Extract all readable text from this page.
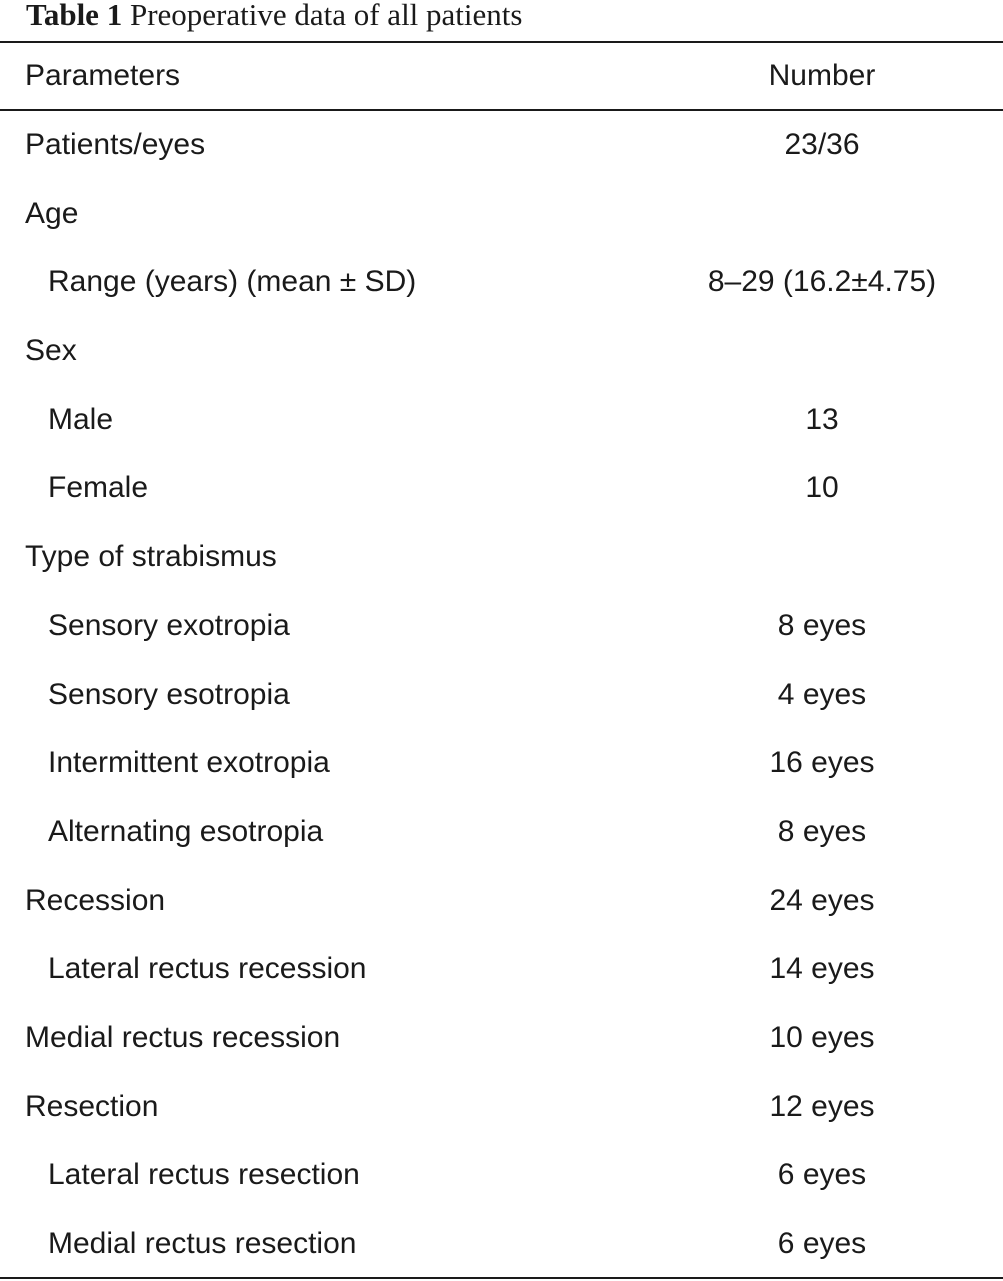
Table 1 Preoperative data of all patients
Parameters	Number
Patients/eyes	23/36
Age
Range (years) (mean ± SD)	8–29 (16.2±4.75)
Sex
Male	13
Female	10
Type of strabismus
Sensory exotropia	8 eyes
Sensory esotropia	4 eyes
Intermittent exotropia	16 eyes
Alternating esotropia	8 eyes
Recession	24 eyes
Lateral rectus recession	14 eyes
Medial rectus recession	10 eyes
Resection	12 eyes
Lateral rectus resection	6 eyes
Medial rectus resection	6 eyes
